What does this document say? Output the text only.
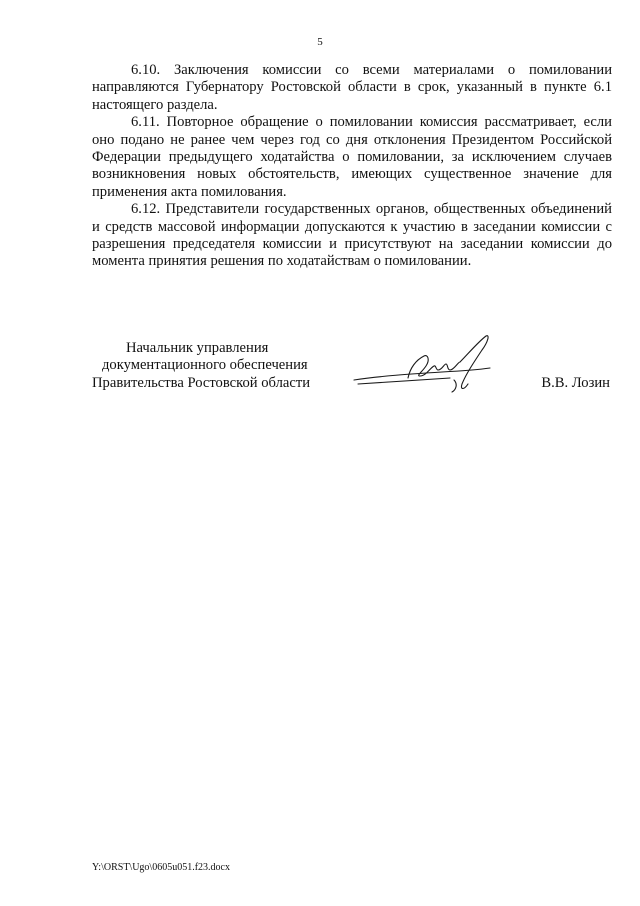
5

6.10. Заключения комиссии со всеми материалами о помиловании направляются Губернатору Ростовской области в срок, указанный в пункте 6.1 настоящего раздела.

6.11. Повторное обращение о помиловании комиссия рассматривает, если оно подано не ранее чем через год со дня отклонения Президентом Российской Федерации предыдущего ходатайства о помиловании, за исключением случаев возникновения новых обстоятельств, имеющих существенное значение для применения акта помилования.

6.12. Представители государственных органов, общественных объединений и средств массовой информации допускаются к участию в заседании комиссии с разрешения председателя комиссии и присутствуют на заседании комиссии до момента принятия решения по ходатайствам о помиловании.

Начальник управления
документационного обеспечения
Правительства Ростовской области	В.В. Лозин
Y:\ORST\Ugo\0605u051.f23.docx
